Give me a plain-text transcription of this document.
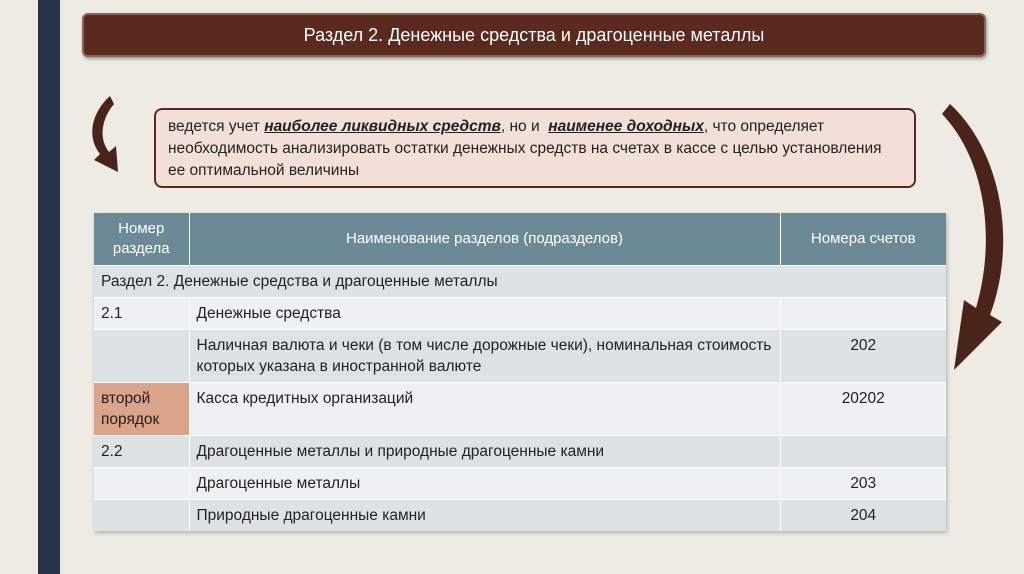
Раздел 2. Денежные средства и драгоценные металлы
ведется учет наиболее ликвидных средств, но и  наименее доходных, что определяет необходимость анализировать остатки денежных средств на счетах в кассе с целью установления ее оптимальной величины
Номер раздела	Наименование разделов (подразделов)	Номера счетов
Раздел 2. Денежные средства и драгоценные металлы		
2.1	Денежные средства	
	Наличная валюта и чеки (в том числе дорожные чеки), номинальная стоимость которых указана в иностранной валюте	202
второй порядок	Касса кредитных организаций	20202
2.2	Драгоценные металлы и природные драгоценные камни	
	Драгоценные металлы	203
	Природные драгоценные камни	204
